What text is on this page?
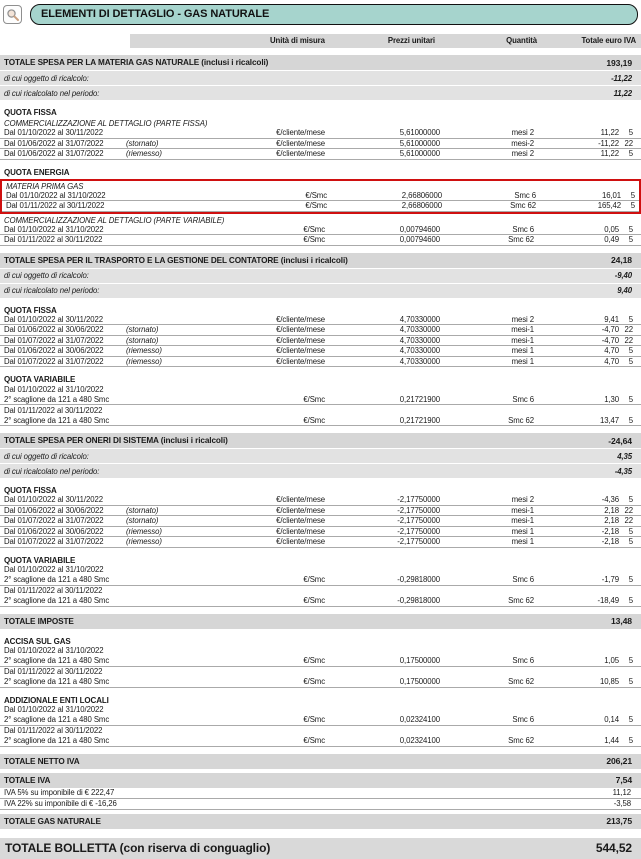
ELEMENTI DI DETTAGLIO - GAS NATURALE
Unità di misura	Prezzi unitari	Quantità	Totale euro IVA
TOTALE SPESA PER LA MATERIA GAS NATURALE (inclusi i ricalcoli)	193,19
di cui oggetto di ricalcolo:	-11,22
di cui ricalcolato nel periodo:	11,22
QUOTA FISSA
COMMERCIALIZZAZIONE AL DETTAGLIO (PARTE FISSA)
Dal 01/10/2022 al 30/11/2022	€/cliente/mese	5,61000000	mesi 2	11,22	5
Dal 01/06/2022 al 31/07/2022	(stornato)	€/cliente/mese	5,61000000	mesi-2	-11,22 22
Dal 01/06/2022 al 31/07/2022	(riemesso)	€/cliente/mese	5,61000000	mesi 2	11,22	5
QUOTA ENERGIA
MATERIA PRIMA GAS
Dal 01/10/2022 al 31/10/2022	€/Smc	2,66806000	Smc 6	16,01	5
Dal 01/11/2022 al 30/11/2022	€/Smc	2,66806000	Smc 62	165,42	5
COMMERCIALIZZAZIONE AL DETTAGLIO (PARTE VARIABILE)
Dal 01/10/2022 al 31/10/2022	€/Smc	0,00794600	Smc 6	0,05	5
Dal 01/11/2022 al 30/11/2022	€/Smc	0,00794600	Smc 62	0,49	5
TOTALE SPESA PER IL TRASPORTO E LA GESTIONE DEL CONTATORE (inclusi i ricalcoli)	24,18
di cui oggetto di ricalcolo:	-9,40
di cui ricalcolato nel periodo:	9,40
QUOTA FISSA
Dal 01/10/2022 al 30/11/2022	€/cliente/mese	4,70330000	mesi 2	9,41	5
Dal 01/06/2022 al 30/06/2022	(stornato)	€/cliente/mese	4,70330000	mesi-1	-4,70 22
Dal 01/07/2022 al 31/07/2022	(stornato)	€/cliente/mese	4,70330000	mesi-1	-4,70 22
Dal 01/06/2022 al 30/06/2022	(riemesso)	€/cliente/mese	4,70330000	mesi 1	4,70	5
Dal 01/07/2022 al 31/07/2022	(riemesso)	€/cliente/mese	4,70330000	mesi 1	4,70	5
QUOTA VARIABILE
Dal 01/10/2022 al 31/10/2022
2° scaglione da 121 a 480 Smc	€/Smc	0,21721900	Smc 6	1,30	5
Dal 01/11/2022 al 30/11/2022
2° scaglione da 121 a 480 Smc	€/Smc	0,21721900	Smc 62	13,47	5
TOTALE SPESA PER ONERI DI SISTEMA (inclusi i ricalcoli)	-24,64
di cui oggetto di ricalcolo:	4,35
di cui ricalcolato nel periodo:	-4,35
QUOTA FISSA
Dal 01/10/2022 al 30/11/2022	€/cliente/mese	-2,17750000	mesi 2	-4,36	5
Dal 01/06/2022 al 30/06/2022	(stornato)	€/cliente/mese	-2,17750000	mesi-1	2,18 22
Dal 01/07/2022 al 31/07/2022	(stornato)	€/cliente/mese	-2,17750000	mesi-1	2,18 22
Dal 01/06/2022 al 30/06/2022	(riemesso)	€/cliente/mese	-2,17750000	mesi 1	-2,18	5
Dal 01/07/2022 al 31/07/2022	(riemesso)	€/cliente/mese	-2,17750000	mesi 1	-2,18	5
QUOTA VARIABILE
Dal 01/10/2022 al 31/10/2022
2° scaglione da 121 a 480 Smc	€/Smc	-0,29818000	Smc 6	-1,79	5
Dal 01/11/2022 al 30/11/2022
2° scaglione da 121 a 480 Smc	€/Smc	-0,29818000	Smc 62	-18,49	5
TOTALE IMPOSTE	13,48
ACCISA SUL GAS
Dal 01/10/2022 al 31/10/2022
2° scaglione da 121 a 480 Smc	€/Smc	0,17500000	Smc 6	1,05	5
Dal 01/11/2022 al 30/11/2022
2° scaglione da 121 a 480 Smc	€/Smc	0,17500000	Smc 62	10,85	5
ADDIZIONALE ENTI LOCALI
Dal 01/10/2022 al 31/10/2022
2° scaglione da 121 a 480 Smc	€/Smc	0,02324100	Smc 6	0,14	5
Dal 01/11/2022 al 30/11/2022
2° scaglione da 121 a 480 Smc	€/Smc	0,02324100	Smc 62	1,44	5
TOTALE NETTO IVA	206,21
TOTALE IVA	7,54
IVA 5% su imponibile di € 222,47	11,12
IVA 22% su imponibile di € -16,26	-3,58
TOTALE GAS NATURALE	213,75
TOTALE BOLLETTA (con riserva di conguaglio)	544,52
